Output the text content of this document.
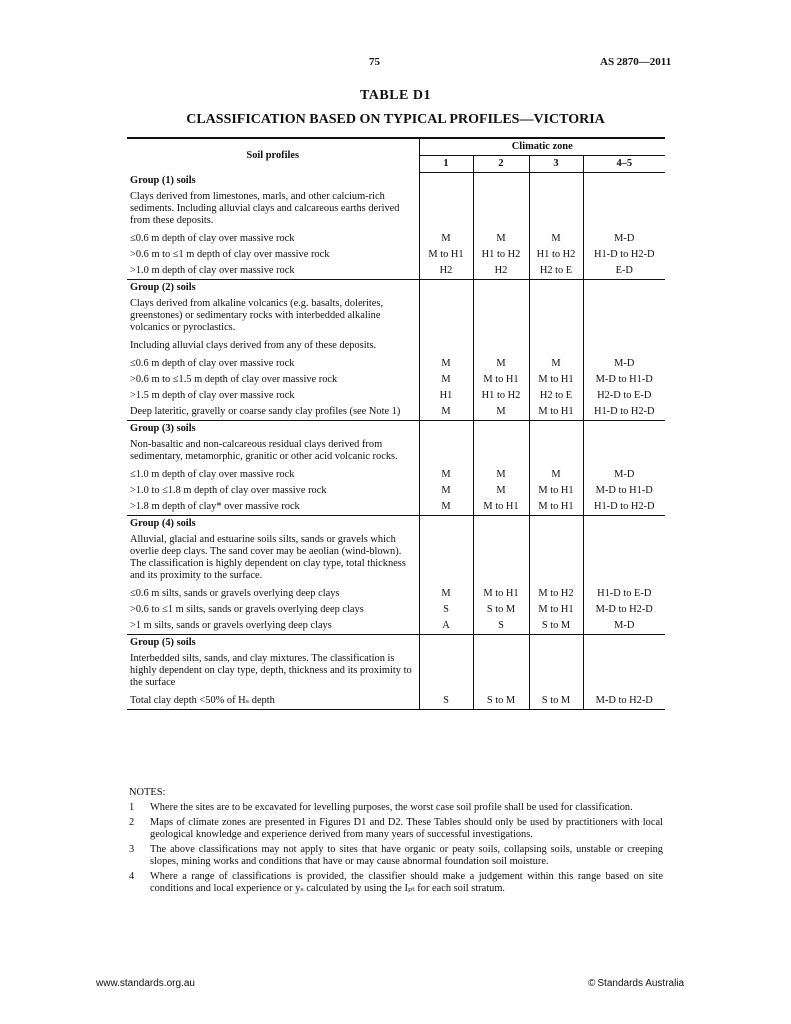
75	AS 2870—2011
TABLE D1
CLASSIFICATION BASED ON TYPICAL PROFILES—VICTORIA
Soil profiles	Climatic zone			
	1	2	3	4–5
Group (1) soils				
Clays derived from limestones, marls, and other calcium-rich sediments. Including alluvial clays and calcareous earths derived from these deposits.				
≤0.6 m depth of clay over massive rock	M	M	M	M-D
>0.6 m to ≤1 m depth of clay over massive rock	M to H1	H1 to H2	H1 to H2	H1-D to H2-D
>1.0 m depth of clay over massive rock	H2	H2	H2 to E	E-D
Group (2) soils				
Clays derived from alkaline volcanics (e.g. basalts, dolerites, greenstones) or sedimentary rocks with interbedded alkaline volcanics or pyroclastics.				
Including alluvial clays derived from any of these deposits.				
≤0.6 m depth of clay over massive rock	M	M	M	M-D
>0.6 m to ≤1.5 m depth of clay over massive rock	M	M to H1	M to H1	M-D to H1-D
>1.5 m depth of clay over massive rock	H1	H1 to H2	H2 to E	H2-D to E-D
Deep lateritic, gravelly or coarse sandy clay profiles (see Note 1)	M	M	M to H1	H1-D to H2-D
Group (3) soils				
Non-basaltic and non-calcareous residual clays derived from sedimentary, metamorphic, granitic or other acid volcanic rocks.				
≤1.0 m depth of clay over massive rock	M	M	M	M-D
>1.0 to ≤1.8 m depth of clay over massive rock	M	M	M to H1	M-D to H1-D
>1.8 m depth of clay* over massive rock	M	M to H1	M to H1	H1-D to H2-D
Group (4) soils				
Alluvial, glacial and estuarine soils silts, sands or gravels which overlie deep clays. The sand cover may be aeolian (wind-blown). The classification is highly dependent on clay type, total thickness and its proximity to the surface.				
≤0.6 m silts, sands or gravels overlying deep clays	M	M to H1	M to H2	H1-D to E-D
>0.6 to ≤1 m silts, sands or gravels overlying deep clays	S	S to M	M to H1	M-D to H2-D
>1 m silts, sands or gravels overlying deep clays	A	S	S to M	M-D
Group (5) soils				
Interbedded silts, sands, and clay mixtures. The classification is highly dependent on clay type, depth, thickness and its proximity to the surface				
Total clay depth <50% of Hₛ depth	S	S to M	S to M	M-D to H2-D
NOTES:
1	Where the sites are to be excavated for levelling purposes, the worst case soil profile shall be used for classification.
2	Maps of climate zones are presented in Figures D1 and D2. These Tables should only be used by practitioners with local geological knowledge and experience derived from many years of successful investigations.
3	The above classifications may not apply to sites that have organic or peaty soils, collapsing soils, unstable or creeping slopes, mining works and conditions that have or may cause abnormal foundation soil moisture.
4	Where a range of classifications is provided, the classifier should make a judgement within this range based on site conditions and local experience or yₛ calculated by using the Iₚₜ for each soil stratum.
www.standards.org.au	© Standards Australia
